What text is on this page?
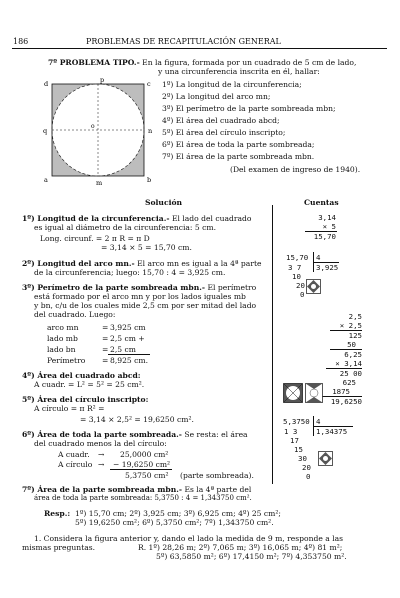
186	PROBLEMAS DE RECAPITULACIÓN GENERAL
7º PROBLEMA TIPO.- En la figura, formada por un cuadrado de 5 cm de lado,
y una circunferencia inscrita en él, hallar:
d	c
a	b
m
n
q
p
o
1º) La longitud de la circunferencia;
2º) La longitud del arco mn;
3º) El perímetro de la parte sombreada mbn;
4º) El área del cuadrado abcd;
5º) El área del círculo inscripto;
6º) El área de toda la parte sombreada;
7º) El área de la parte sombreada mbn.
(Del examen de ingreso de 1940).
Solución	Cuentas
1º) Longitud de la circunferencia.- El lado del cuadrado
es igual al diámetro de la circunferencia: 5 cm.
Long. circunf. = 2 π R = π D
= 3,14 × 5 = 15,70 cm.
2º) Longitud del arco mn.- El arco mn es igual a la 4ª parte
de la circunferencia; luego: 15,70 : 4 = 3,925 cm.
3º) Perímetro de la parte sombreada mbn.- El perímetro
está formado por el arco mn y por los lados iguales mb
y bn, c/u de los cuales mide 2,5 cm por ser mitad del lado
del cuadrado. Luego:
arco mn	= 3,925 cm
lado mb	= 2,5 cm +
lado bn	= 2,5 cm
Perímetro = 8,925 cm.
4º) Área del cuadrado abcd:
A cuadr. = L² = 5² = 25 cm².
5º) Área del círculo inscripto:
A círculo = π R² =
= 3,14 × 2,5² = 19,6250 cm².
6º) Área de toda la parte sombreada.- Se resta: el área
del cuadrado menos la del círculo:
A cuadr. → 25,0000 cm²
A círculo → − 19,6250 cm²
5,3750 cm² (parte sombreada).
7º) Área de la parte sombreada mbn.- Es la 4ª parte del
área de toda la parte sombreada: 5,3750 : 4 = 1,343750 cm².
Resp.: 1º) 15,70 cm; 2º) 3,925 cm; 3º) 6,925 cm; 4º) 25 cm²;
5º) 19,6250 cm²; 6º) 5,3750 cm²; 7º) 1,343750 cm².
1. Considera la figura anterior y, dando el lado la medida de 9 m, responde a las
mismas preguntas.	R. 1º) 28,26 m; 2º) 7,065 m; 3º) 16,065 m; 4º) 81 m²;
5º) 63,5850 m²; 6º) 17,4150 m²; 7º) 4,353750 m².
3,14
× 5
15,70
15,70 4
3,925
3 7
10
20
0
2,5
× 2,5
125
50
6,25
× 3,14
25 00
625
1875
19,6250
5,3750 4
1,34375
1 3
17
15
30
20
0
